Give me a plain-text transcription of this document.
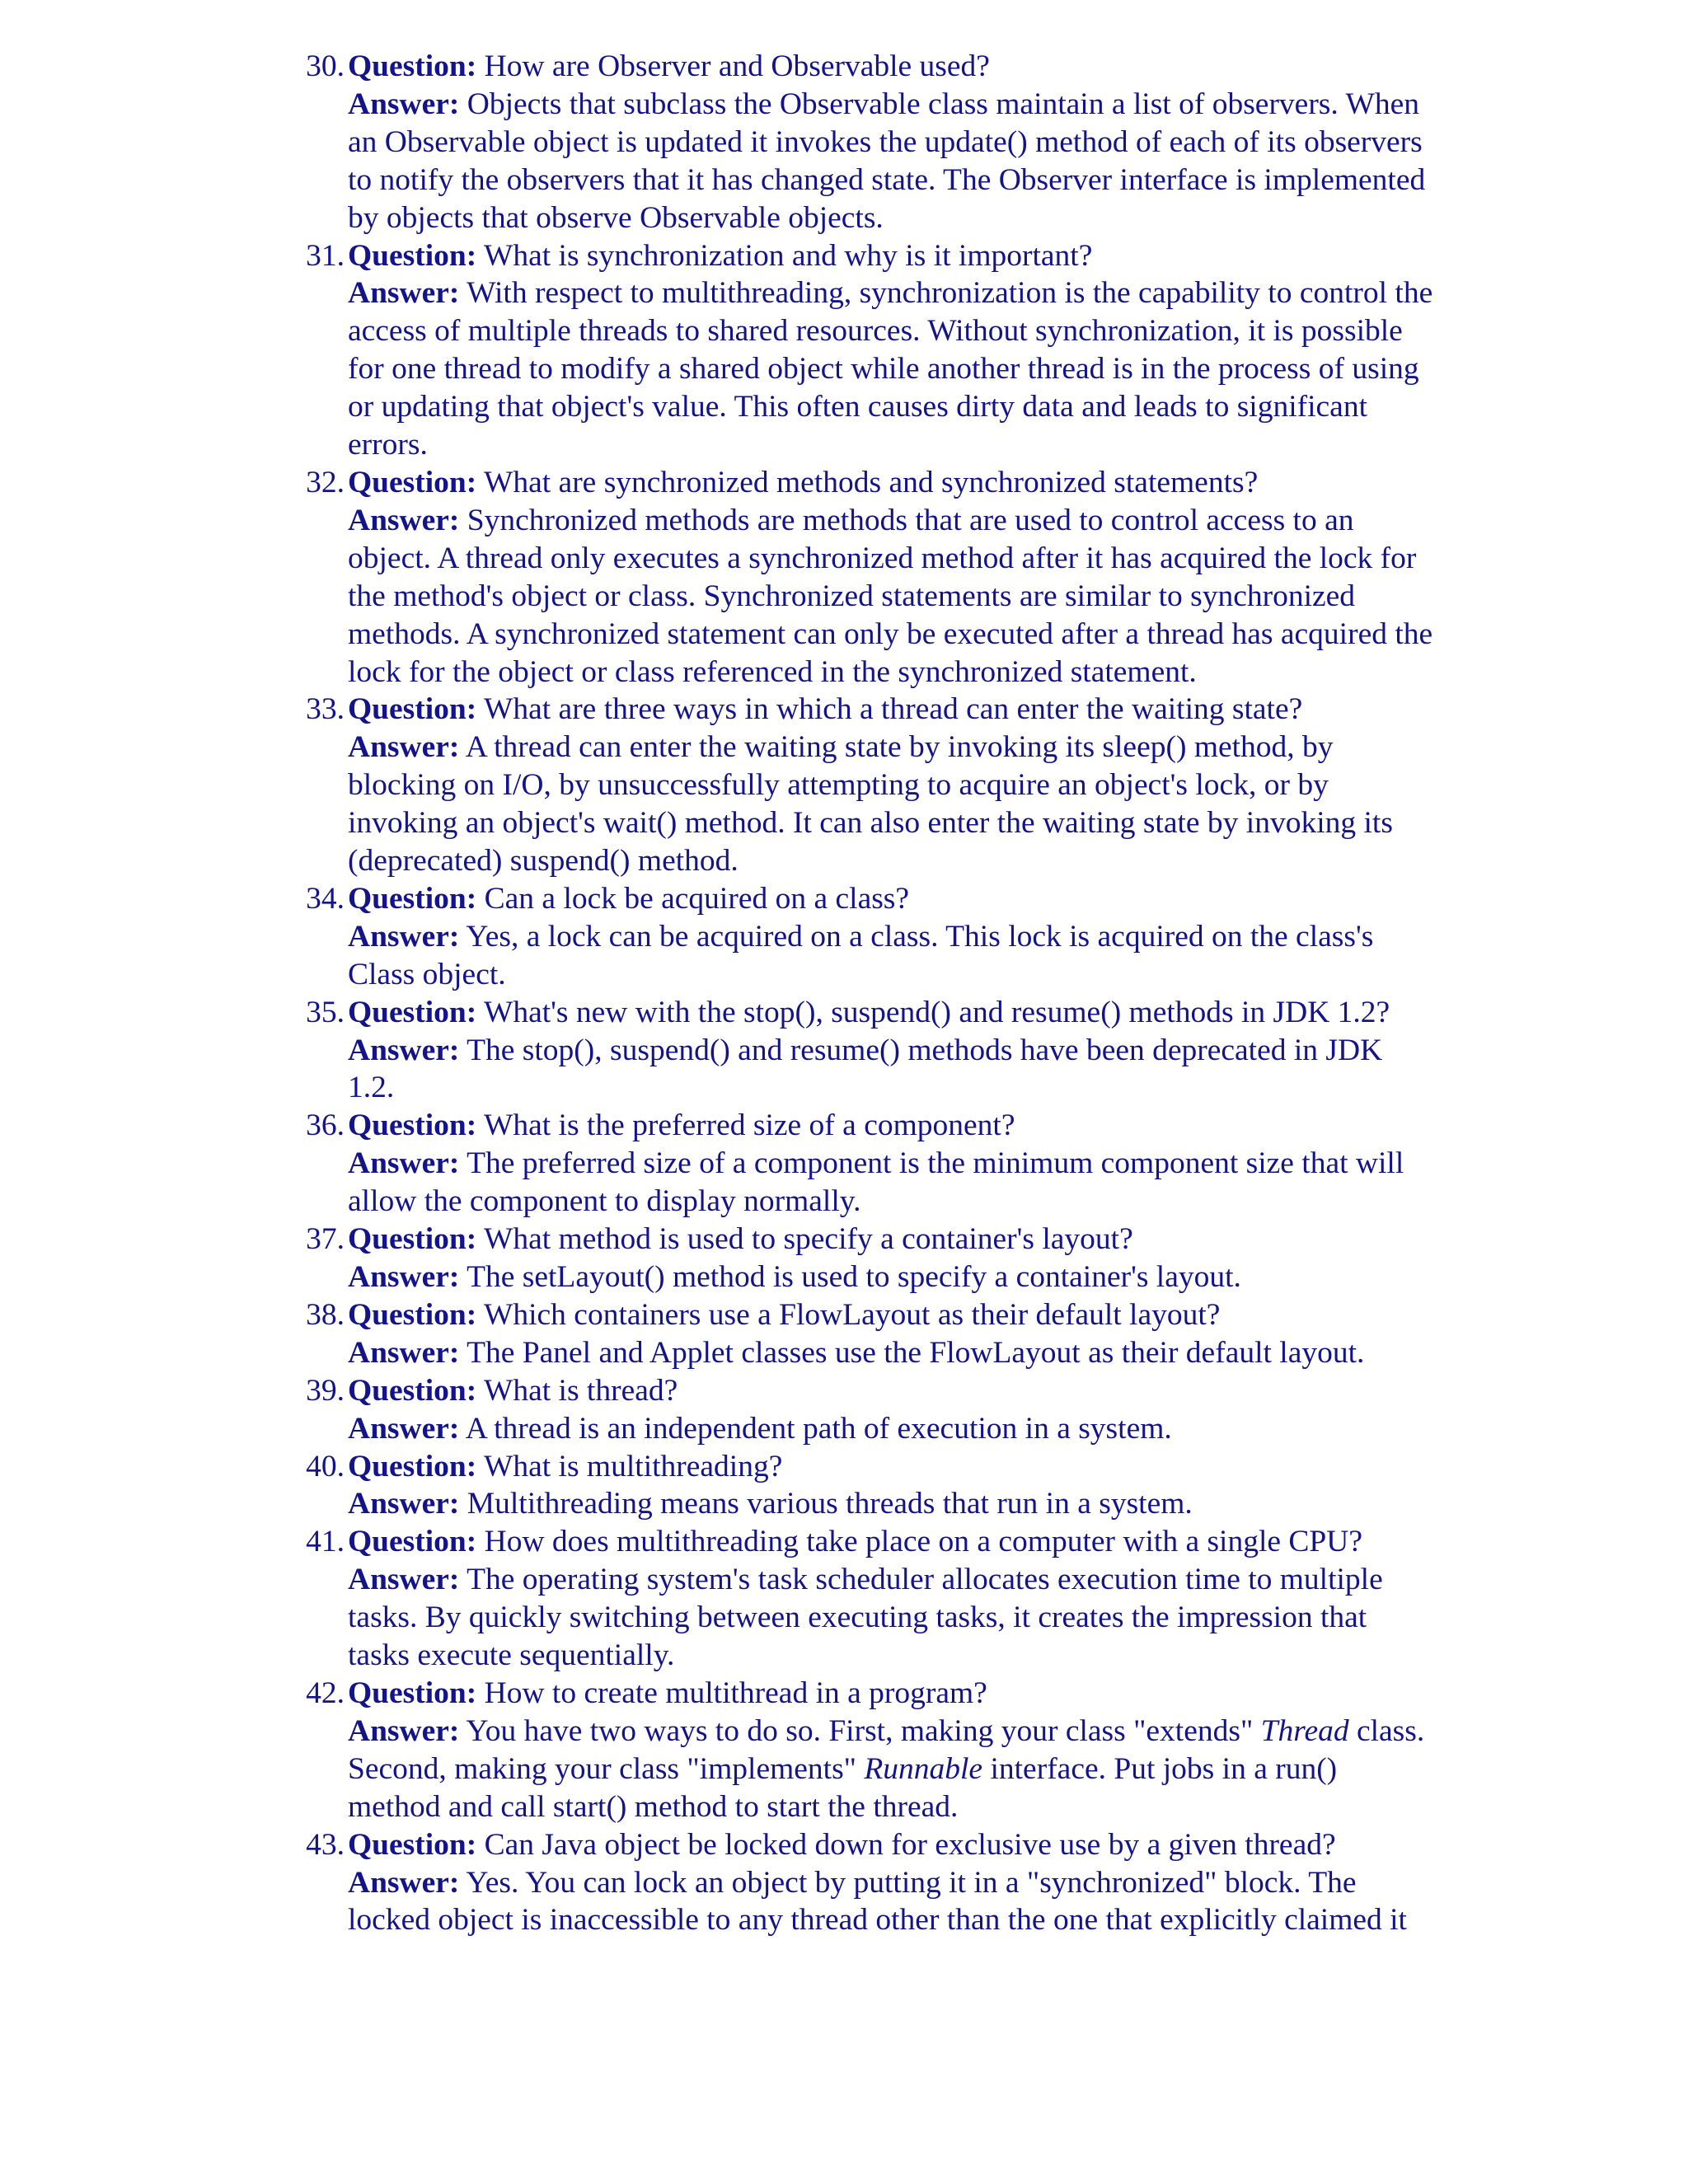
30. Question: How are Observer and Observable used?
Answer: Objects that subclass the Observable class maintain a list of observers. When an Observable object is updated it invokes the update() method of each of its observers to notify the observers that it has changed state. The Observer interface is implemented by objects that observe Observable objects.
31. Question: What is synchronization and why is it important?
Answer: With respect to multithreading, synchronization is the capability to control the access of multiple threads to shared resources. Without synchronization, it is possible for one thread to modify a shared object while another thread is in the process of using or updating that object's value. This often causes dirty data and leads to significant errors.
32. Question: What are synchronized methods and synchronized statements?
Answer: Synchronized methods are methods that are used to control access to an object. A thread only executes a synchronized method after it has acquired the lock for the method's object or class. Synchronized statements are similar to synchronized methods. A synchronized statement can only be executed after a thread has acquired the lock for the object or class referenced in the synchronized statement.
33. Question: What are three ways in which a thread can enter the waiting state?
Answer: A thread can enter the waiting state by invoking its sleep() method, by blocking on I/O, by unsuccessfully attempting to acquire an object's lock, or by invoking an object's wait() method. It can also enter the waiting state by invoking its (deprecated) suspend() method.
34. Question: Can a lock be acquired on a class?
Answer: Yes, a lock can be acquired on a class. This lock is acquired on the class's Class object.
35. Question: What's new with the stop(), suspend() and resume() methods in JDK 1.2?
Answer: The stop(), suspend() and resume() methods have been deprecated in JDK 1.2.
36. Question: What is the preferred size of a component?
Answer: The preferred size of a component is the minimum component size that will allow the component to display normally.
37. Question: What method is used to specify a container's layout?
Answer: The setLayout() method is used to specify a container's layout.
38. Question: Which containers use a FlowLayout as their default layout?
Answer: The Panel and Applet classes use the FlowLayout as their default layout.
39. Question: What is thread?
Answer: A thread is an independent path of execution in a system.
40. Question: What is multithreading?
Answer: Multithreading means various threads that run in a system.
41. Question: How does multithreading take place on a computer with a single CPU?
Answer: The operating system's task scheduler allocates execution time to multiple tasks. By quickly switching between executing tasks, it creates the impression that tasks execute sequentially.
42. Question: How to create multithread in a program?
Answer: You have two ways to do so. First, making your class "extends" Thread class. Second, making your class "implements" Runnable interface. Put jobs in a run() method and call start() method to start the thread.
43. Question: Can Java object be locked down for exclusive use by a given thread?
Answer: Yes. You can lock an object by putting it in a "synchronized" block. The locked object is inaccessible to any thread other than the one that explicitly claimed it
